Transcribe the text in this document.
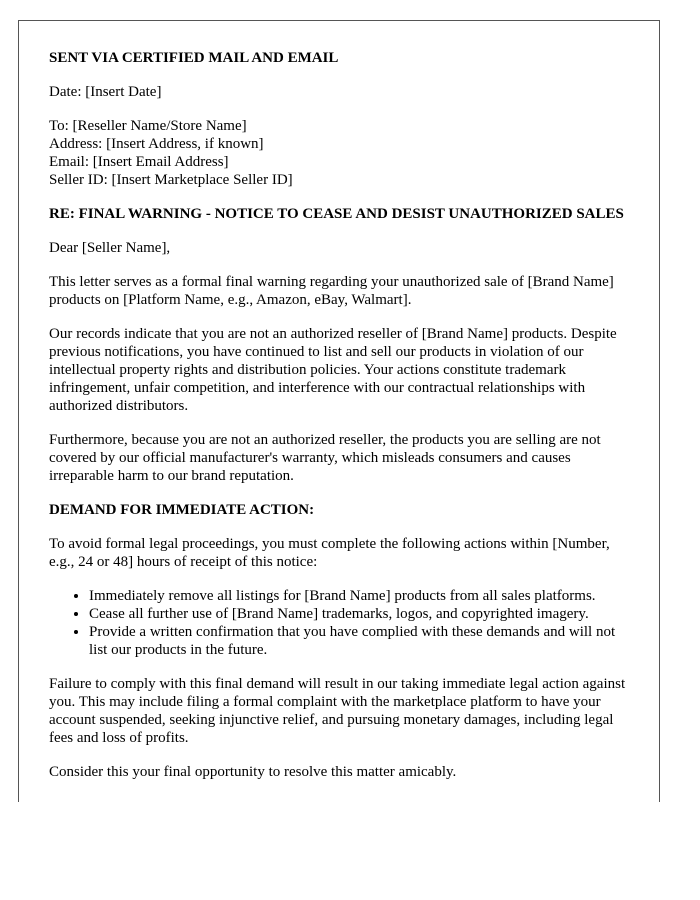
SENT VIA CERTIFIED MAIL AND EMAIL

Date: [Insert Date]

To: [Reseller Name/Store Name]
Address: [Insert Address, if known]
Email: [Insert Email Address]
Seller ID: [Insert Marketplace Seller ID]

RE: FINAL WARNING - NOTICE TO CEASE AND DESIST UNAUTHORIZED SALES

Dear [Seller Name],

This letter serves as a formal final warning regarding your unauthorized sale of [Brand Name] products on [Platform Name, e.g., Amazon, eBay, Walmart].

Our records indicate that you are not an authorized reseller of [Brand Name] products. Despite previous notifications, you have continued to list and sell our products in violation of our intellectual property rights and distribution policies. Your actions constitute trademark infringement, unfair competition, and interference with our contractual relationships with authorized distributors.

Furthermore, because you are not an authorized reseller, the products you are selling are not covered by our official manufacturer's warranty, which misleads consumers and causes irreparable harm to our brand reputation.

DEMAND FOR IMMEDIATE ACTION:

To avoid formal legal proceedings, you must complete the following actions within [Number, e.g., 24 or 48] hours of receipt of this notice:

• Immediately remove all listings for [Brand Name] products from all sales platforms.
• Cease all further use of [Brand Name] trademarks, logos, and copyrighted imagery.
• Provide a written confirmation that you have complied with these demands and will not list our products in the future.

Failure to comply with this final demand will result in our taking immediate legal action against you. This may include filing a formal complaint with the marketplace platform to have your account suspended, seeking injunctive relief, and pursuing monetary damages, including legal fees and loss of profits.

Consider this your final opportunity to resolve this matter amicably.
